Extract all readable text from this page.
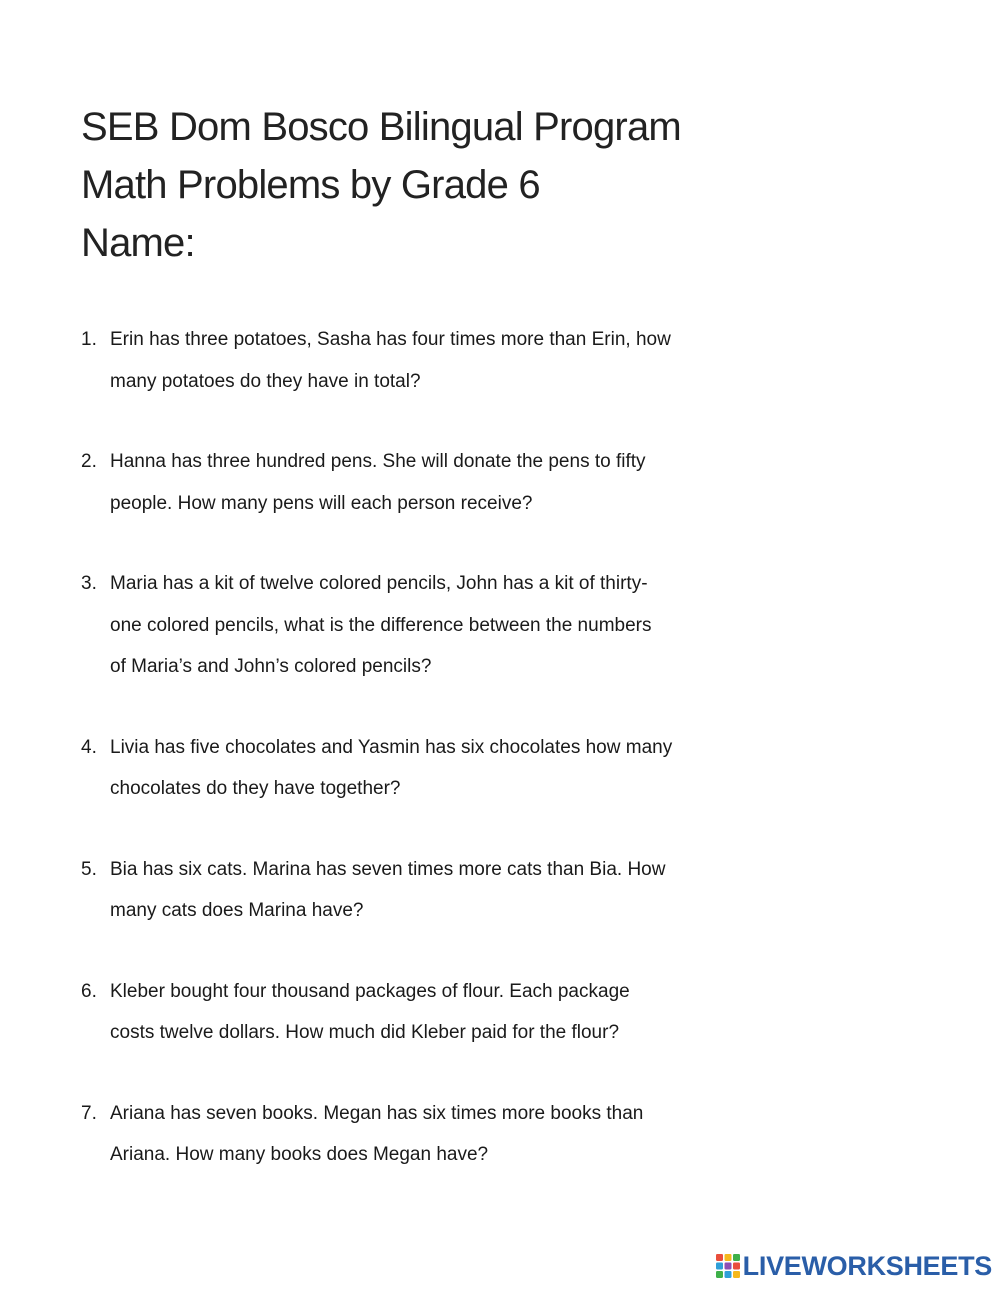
SEB Dom Bosco Bilingual Program
Math Problems by Grade 6
Name:
1. Erin has three potatoes, Sasha has four times more than Erin, how
many potatoes do they have in total?
2. Hanna has three hundred pens. She will donate the pens to fifty
people. How many pens will each person receive?
3. Maria has a kit of twelve colored pencils, John has a kit of thirty-
one colored pencils, what is the difference between the numbers
of Maria’s and John’s colored pencils?
4. Livia has five chocolates and Yasmin has six chocolates how many
chocolates do they have together?
5. Bia has six cats. Marina has seven times more cats than Bia. How
many cats does Marina have?
6. Kleber bought four thousand packages of flour. Each package
costs twelve dollars. How much did Kleber paid for the flour?
7. Ariana has seven books. Megan has six times more books than
Ariana. How many books does Megan have?
LIVEWORKSHEETS
